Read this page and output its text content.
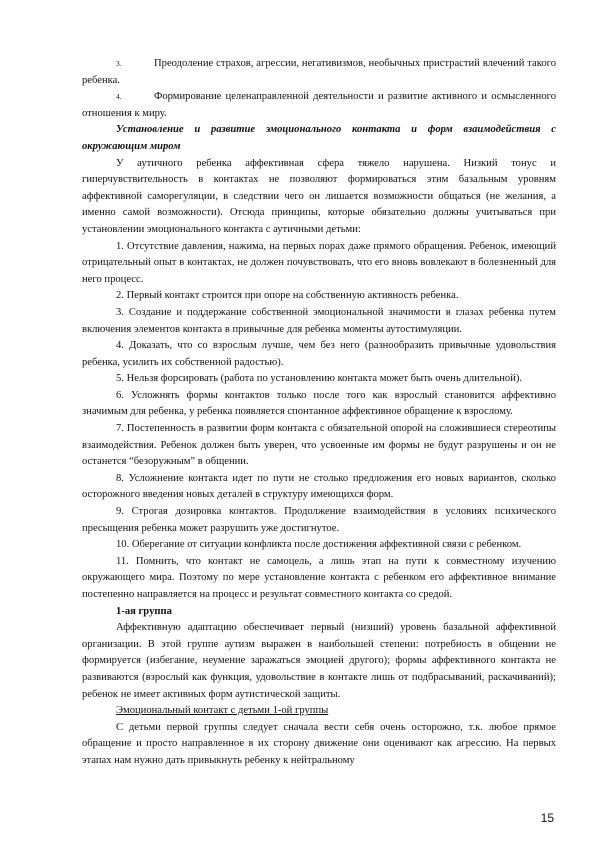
3.	Преодоление страхов, агрессии, негативизмов, необычных пристрастий влечений такого ребенка.

4.	Формирование целенаправленной деятельности и развитие активного и осмысленного отношения к миру.

Установление и развитие эмоционального контакта и форм взаимодействия с окружающим миром

У аутичного ребенка аффективная сфера тяжело нарушена. Низкий тонус и гиперчувствительность в контактах не позволяют формироваться этим базальным уровням аффективной саморегуляции, в следствии чего он лишается возможности общаться (не желания, а именно самой возможности). Отсюда принципы, которые обязательно должны учитываться при установлении эмоционального контакта с аутичными детьми:

1. Отсутствие давления, нажима, на первых порах даже прямого обращения. Ребенок, имеющий отрицательный опыт в контактах, не должен почувствовать, что его вновь вовлекают в болезненный для него процесс.

2. Первый контакт строится при опоре на собственную активность ребенка.

3. Создание и поддержание собственной эмоциональной значимости в глазах ребенка путем включения элементов контакта в привычные для ребенка моменты аутостимуляции.

4. Доказать, что со взрослым лучше, чем без него (разнообразить привычные удовольствия ребенка, усилить их собственной радостью).

5. Нельзя форсировать (работа по установлению контакта может быть очень длительной).

6. Усложнять формы контактов только после того как взрослый становится аффективно значимым для ребенка, у ребенка появляется спонтанное аффективное обращение к взрослому.

7. Постепенность в развитии форм контакта с обязательной опорой на сложившиеся стереотипы взаимодействия. Ребенок должен быть уверен, что усвоенные им формы не будут разрушены и он не останется “безоружным” в общении.

8. Усложнение контакта идет по пути не столько предложения его новых вариантов, сколько осторожного введения новых деталей в структуру имеющихся форм.

9. Строгая дозировка контактов. Продолжение взаимодействия в условиях психического пресыщения ребенка может разрушить уже достигнутое.

10. Оберегание от ситуации конфликта после достижения аффективной связи с ребенком.

11. Помнить, что контакт не самоцель, а лишь этап на пути к совместному изучению окружающего мира. Поэтому по мере установление контакта с ребенком его аффективное внимание постепенно направляется на процесс и результат совместного контакта со средой.

1-ая группа

Аффективную адаптацию обеспечивает первый (низший) уровень базальной аффективной организации. В этой группе аутизм выражен в наибольшей степени: потребность в общении не формируется (избегание, неумение заражаться эмоцией другого); формы аффективного контакта не развиваются (взрослый как функция, удовольствие в контакте лишь от подбрасываний, раскачиваний); ребенок не имеет активных форм аутистической защиты.

Эмоциональный контакт с детьми 1-ой группы

С детьми первой группы следует сначала вести себя очень осторожно, т.к. любое прямое обращение и просто направленное в их сторону движение они оценивают как агрессию. На первых этапах нам нужно дать привыкнуть ребенку к нейтральному

15
